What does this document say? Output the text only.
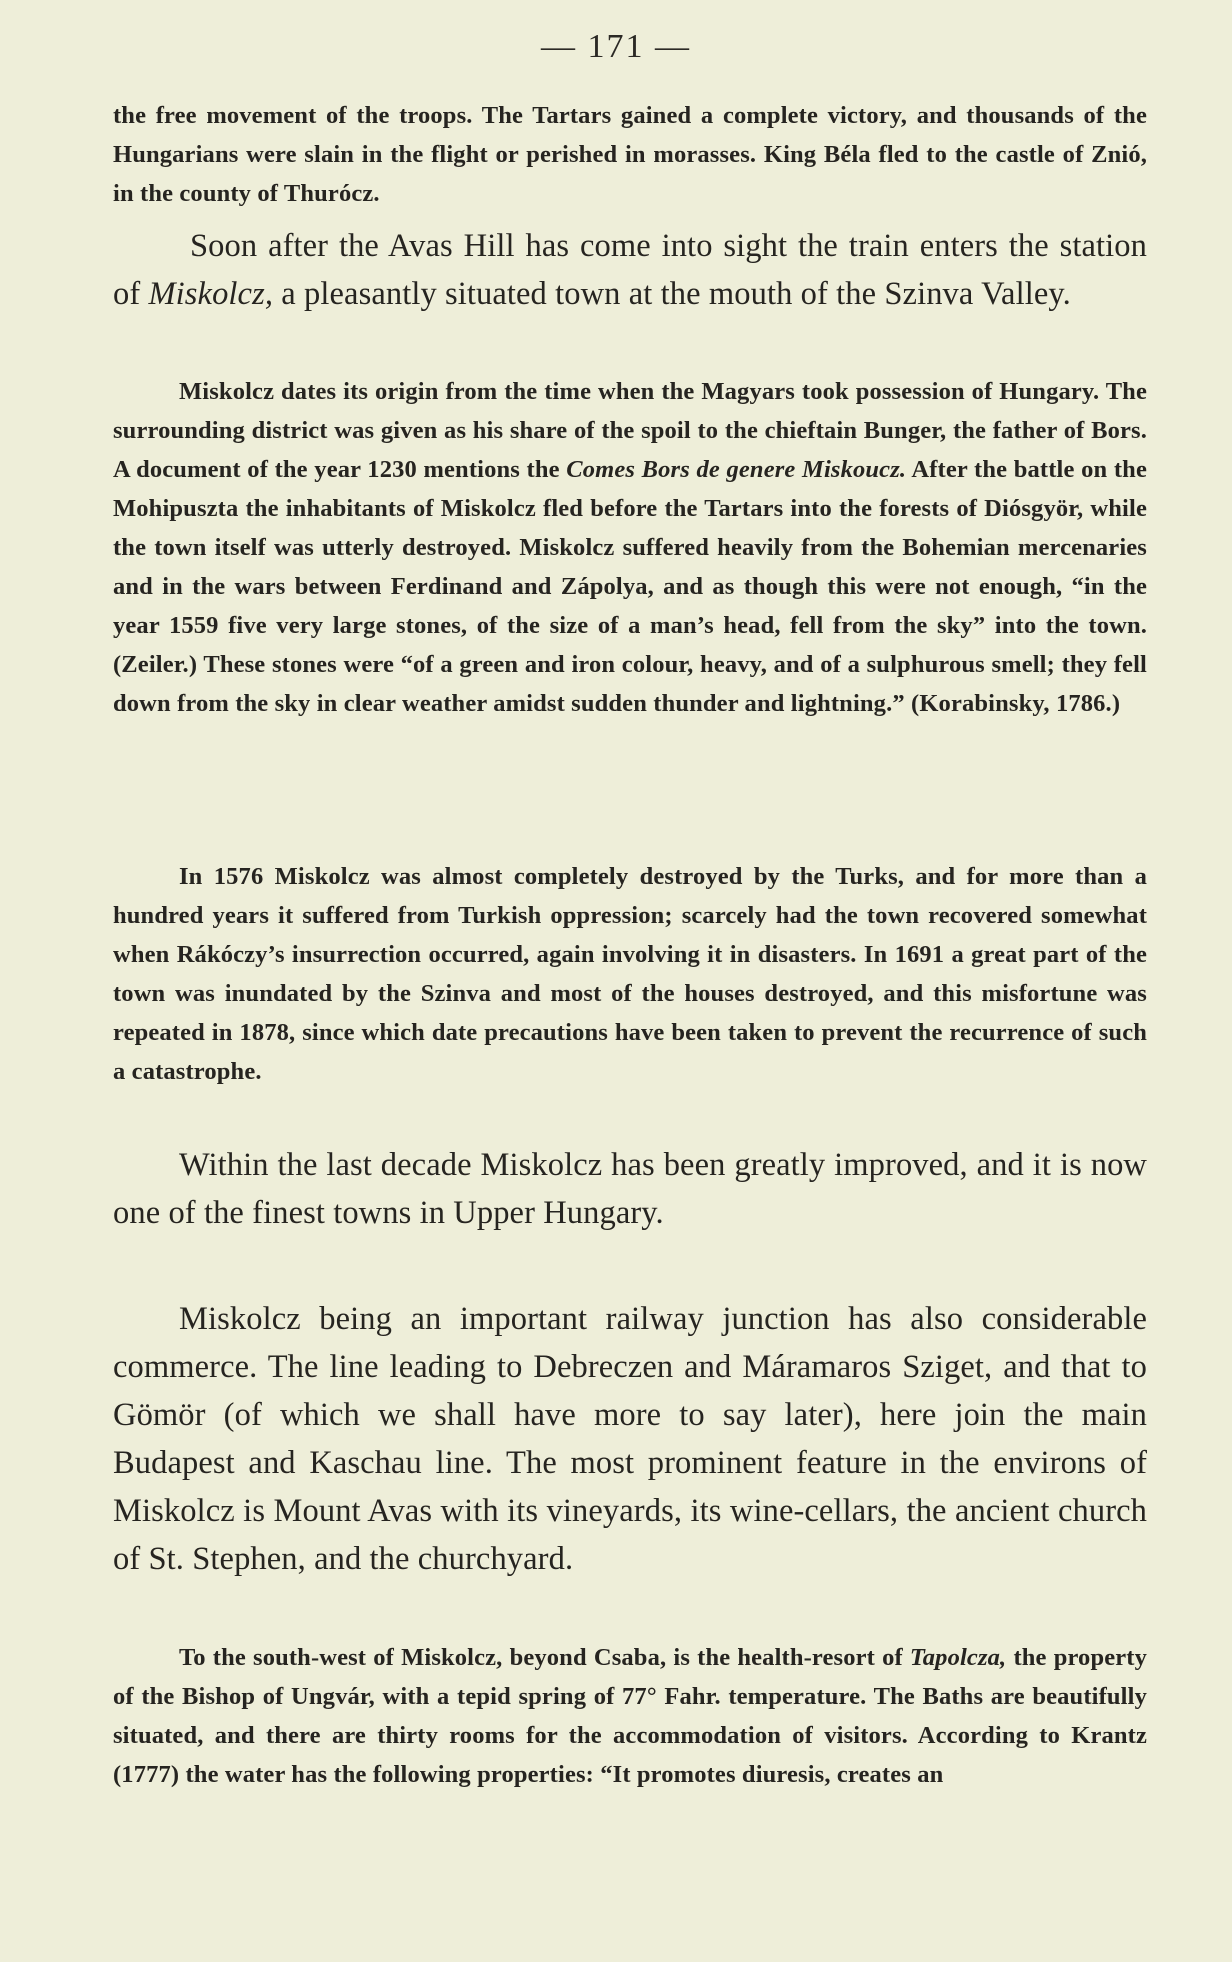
— 171 —
the free movement of the troops. The Tartars gained a complete victory, and thousands of the Hungarians were slain in the flight or perished in morasses. King Béla fled to the castle of Znió, in the county of Thurócz.
Soon after the Avas Hill has come into sight the train enters the station of Miskolcz, a pleasantly situated town at the mouth of the Szinva Valley.
Miskolcz dates its origin from the time when the Magyars took possession of Hungary. The surrounding district was given as his share of the spoil to the chieftain Bunger, the father of Bors. A document of the year 1230 mentions the Comes Bors de genere Miskoucz. After the battle on the Mohipuszta the inhabitants of Miskolcz fled before the Tartars into the forests of Diósgyör, while the town itself was utterly destroyed. Miskolcz suffered heavily from the Bohemian mercenaries and in the wars between Ferdinand and Zápolya, and as though this were not enough, “in the year 1559 five very large stones, of the size of a man’s head, fell from the sky” into the town. (Zeiler.) These stones were “of a green and iron colour, heavy, and of a sulphurous smell; they fell down from the sky in clear weather amidst sudden thunder and lightning.” (Korabinsky, 1786.)
In 1576 Miskolcz was almost completely destroyed by the Turks, and for more than a hundred years it suffered from Turkish oppression; scarcely had the town recovered somewhat when Rákóczy’s insurrection occurred, again involving it in disasters. In 1691 a great part of the town was inundated by the Szinva and most of the houses destroyed, and this misfortune was repeated in 1878, since which date precautions have been taken to prevent the recurrence of such a catastrophe.
Within the last decade Miskolcz has been greatly improved, and it is now one of the finest towns in Upper Hungary.
Miskolcz being an important railway junction has also considerable commerce. The line leading to Debreczen and Máramaros Sziget, and that to Gömör (of which we shall have more to say later), here join the main Budapest and Kaschau line. The most prominent feature in the environs of Miskolcz is Mount Avas with its vineyards, its wine-cellars, the ancient church of St. Stephen, and the churchyard.
To the south-west of Miskolcz, beyond Csaba, is the health-resort of Tapolcza, the property of the Bishop of Ungvár, with a tepid spring of 77° Fahr. temperature. The Baths are beautifully situated, and there are thirty rooms for the accommodation of visitors. According to Krantz (1777) the water has the following properties: “It promotes diuresis, creates an
